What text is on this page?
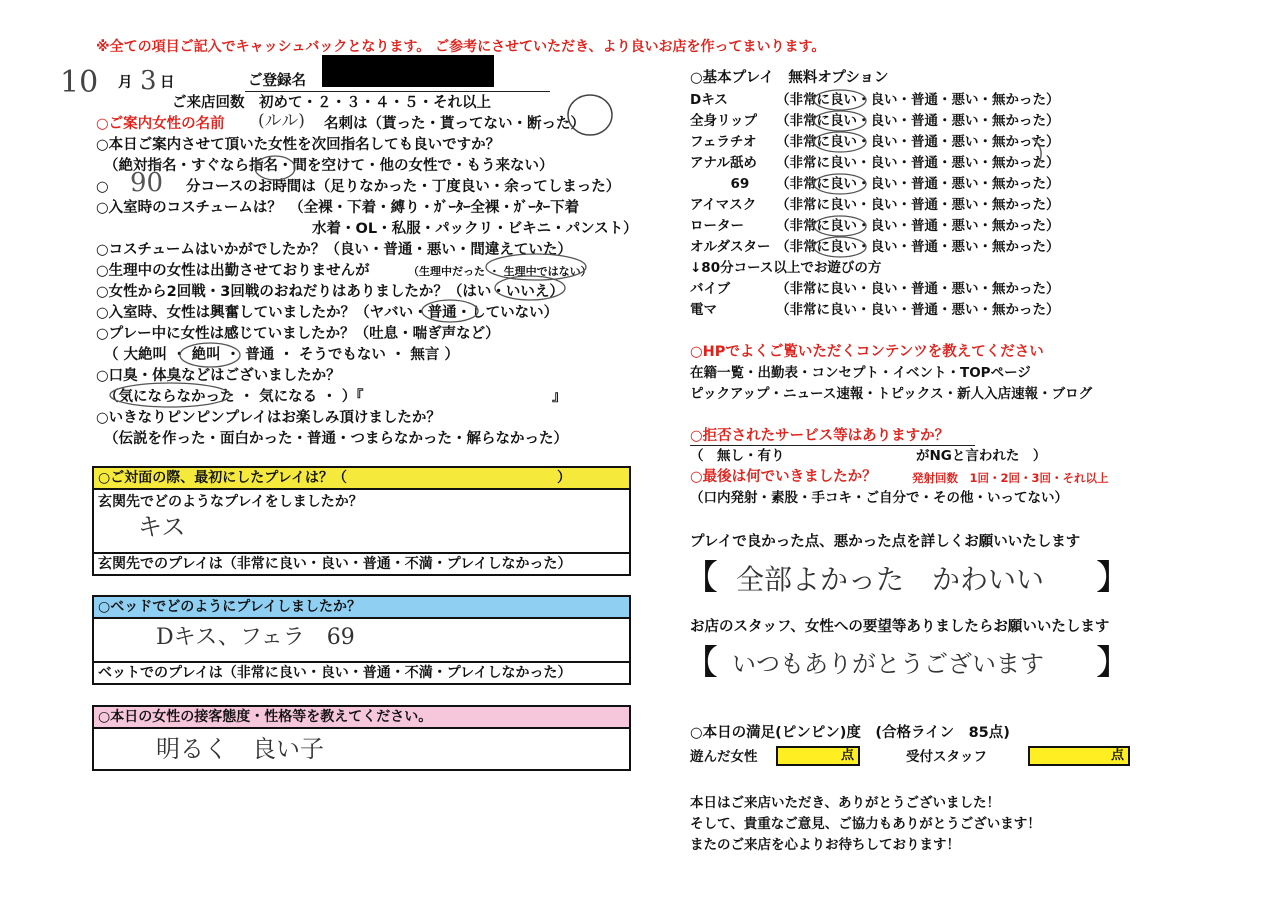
※全ての項目ご記入でキャッシュバックとなります。 ご参考にさせていただき、より良いお店を作ってまいります。
10 月 3 日	ご登録名
ご来店回数　初めて・２・３・４・５・それ以上
○ご案内女性の名前 (ルル) 名刺は（貰った・貰ってない・断った）
○本日ご案内させて頂いた女性を次回指名しても良いですか？
（絶対指名・すぐなら指名・間を空けて・他の女性で・もう来ない）
○ 90 分コースのお時間は（足りなかった・丁度良い・余ってしまった）
○入室時のコスチュームは？　（全裸・下着・縛り・ｶﾞｰﾀｰ全裸・ｶﾞｰﾀｰ下着
水着・OL・私服・パックリ・ビキニ・パンスト）
○コスチュームはいかがでしたか？（良い・普通・悪い・間違えていた）
○生理中の女性は出勤させておりませんが	（生理中だった ・ 生理中ではない）
○女性から2回戦・3回戦のおねだりはありましたか？（はい・いいえ）
○入室時、女性は興奮していましたか？（ヤバい・普通・していない）
○プレー中に女性は感じていましたか？（吐息・喘ぎ声など）
（ 大絶叫 ・ 絶叫 ・ 普通 ・ そうでもない ・ 無言 ）
○口臭・体臭などはございましたか？
（気にならなかった ・ 気になる ・ ）『	』
○いきなりピンピンプレイはお楽しみ頂けましたか？
（伝説を作った・面白かった・普通・つまらなかった・解らなかった）
○ご対面の際、最初にしたプレイは？（　　　　　　　　　　　　　　　）
玄関先でどのようなプレイをしましたか？
キス
玄関先でのプレイは（非常に良い・良い・普通・不満・プレイしなかった）
○ベッドでどのようにプレイしましたか？
Dキス、フェラ　69
ベットでのプレイは（非常に良い・良い・普通・不満・プレイしなかった）
○本日の女性の接客態度・性格等を教えてください。
明るく　良い子
○基本プレイ　無料オプション
Dキス	（非常に良い・良い・普通・悪い・無かった）
全身リップ （非常に良い・良い・普通・悪い・無かった）
フェラチオ （非常に良い・良い・普通・悪い・無かった）
アナル舐め （非常に良い・良い・普通・悪い・無かった）
　　　69 （非常に良い・良い・普通・悪い・無かった）
アイマスク （非常に良い・良い・普通・悪い・無かった）
ローター （非常に良い・良い・普通・悪い・無かった）
オルダスター （非常に良い・良い・普通・悪い・無かった）
↓80分コース以上でお遊びの方
バイブ	（非常に良い・良い・普通・悪い・無かった）
電マ	（非常に良い・良い・普通・悪い・無かった）
○HPでよくご覧いただくコンテンツを教えてください
在籍一覧・出勤表・コンセプト・イベント・TOPページ
ピックアップ・ニュース速報・トピックス・新人入店速報・ブログ
○拒否されたサービス等はありますか？
（　無し・有り	がNGと言われた　）
○最後は何でいきましたか？	発射回数　1回・2回・3回・それ以上
（口内発射・素股・手コキ・ご自分で・その他・いってない）
プレイで良かった点、悪かった点を詳しくお願いいたします
【 全部よかった　かわいい 】
お店のスタッフ、女性への要望等ありましたらお願いいたします
【 いつもありがとうございます 】
○本日の満足(ピンピン)度　(合格ライン　85点)
遊んだ女性	点	受付スタッフ	点
本日はご来店いただき、ありがとうございました！
そして、貴重なご意見、ご協力もありがとうございます！
またのご来店を心よりお待ちしております！
